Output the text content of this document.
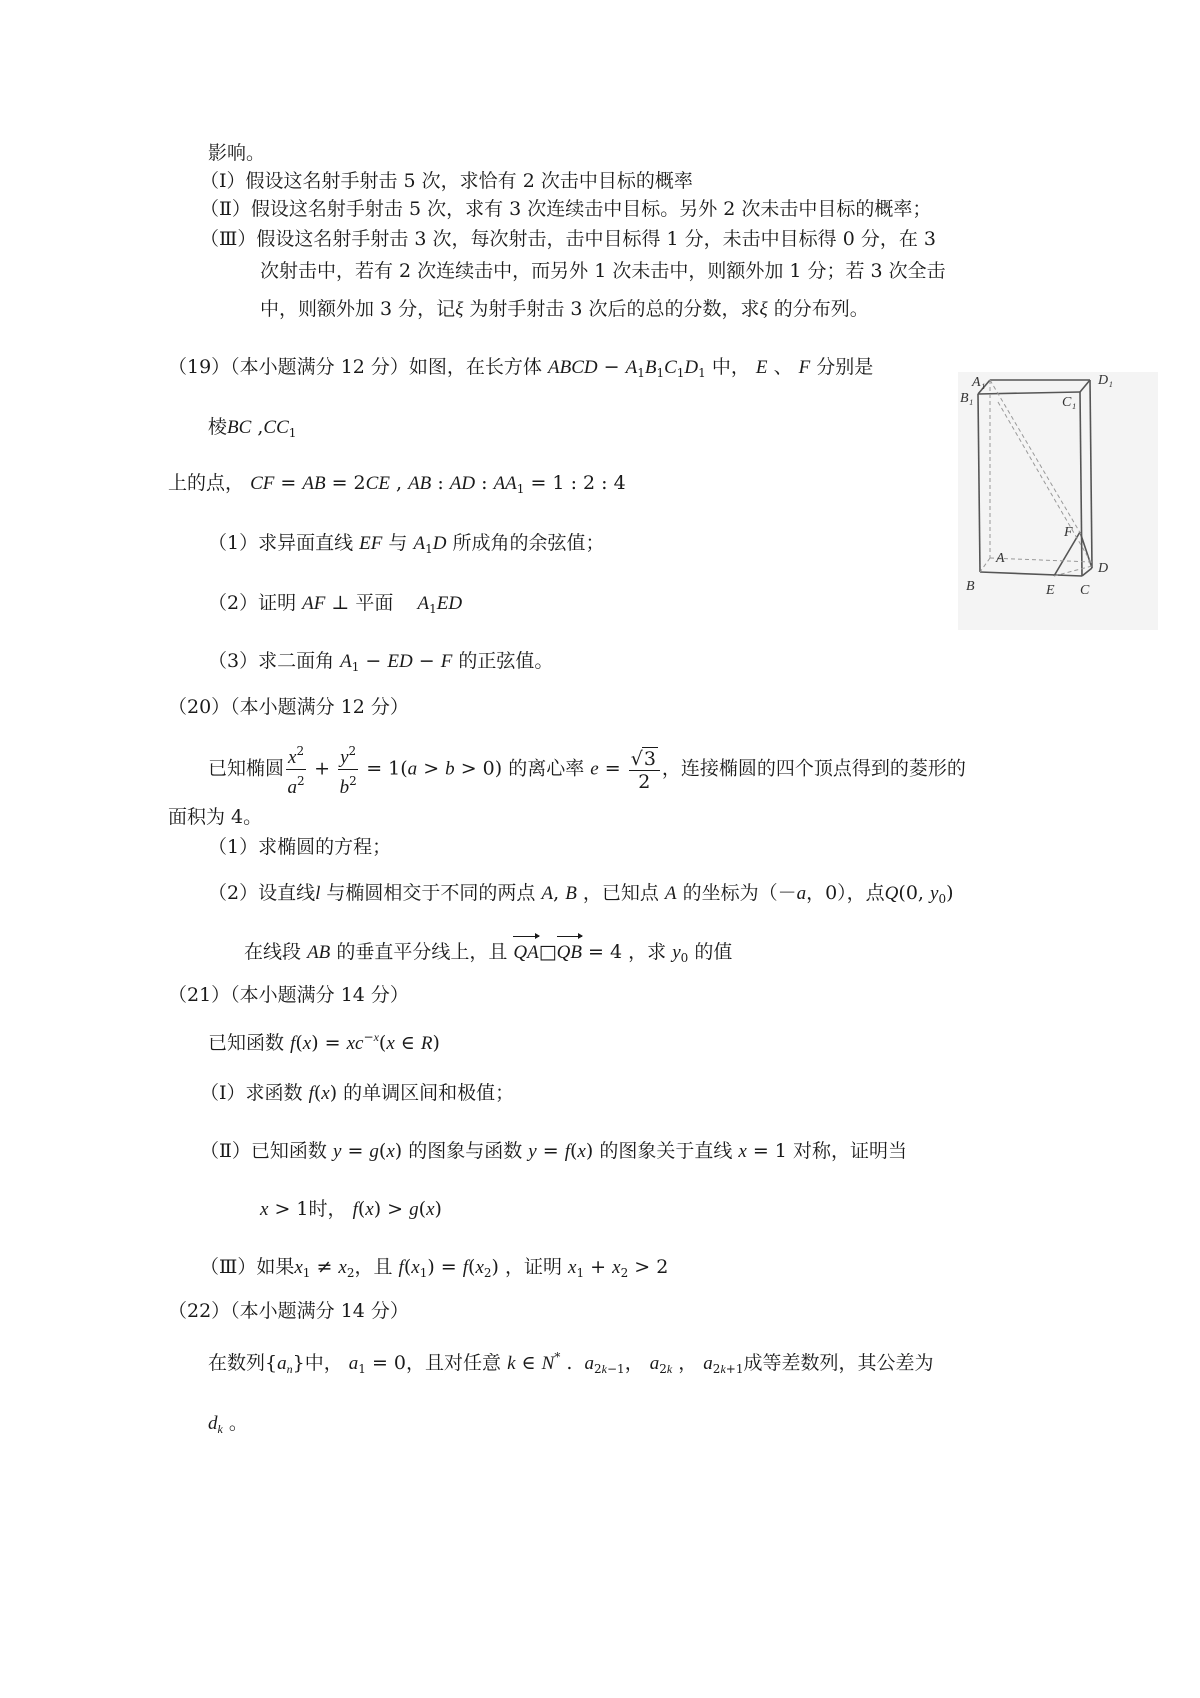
影响。
（Ⅰ）假设这名射手射击 5 次，求恰有 2 次击中目标的概率
（Ⅱ）假设这名射手射击 5 次，求有 3 次连续击中目标。另外 2 次未击中目标的概率；
（Ⅲ）假设这名射手射击 3 次，每次射击，击中目标得 1 分，未击中目标得 0 分，在 3
次射击中，若有 2 次连续击中，而另外 1 次未击中，则额外加 1 分；若 3 次全击
中，则额外加 3 分，记ξ 为射手射击 3 次后的总的分数，求ξ 的分布列。
（19）（本小题满分 12 分）如图，在长方体 ABCD − $A_1B_1C_1D_1$ 中， E 、 F 分别是
棱BC $,CC_1$
上的点， CF = AB = 2CE , AB : AD : $AA_1 = 1$ : 2 : 4
（1）求异面直线 EF 与 $A_1D$ 所成角的余弦值；
（2）证明 AF ⊥ 平面 $A_1ED$
（3）求二面角 $A_1$ − ED − F 的正弦值。
A₁	D₁
B₁	C₁
F
A
D
B	E C
（20）（本小题满分 12 分）
已知椭圆 $\frac{x^2}{a^2} + \frac{y^2}{b^2} = 1(a > b > 0)$ 的离心率 $e = \frac{√3}{2}$ ，连接椭圆的四个顶点得到的菱形的
面积为 4。
（1）求椭圆的方程；
（2）设直线l 与椭圆相交于不同的两点 A, B ，已知点 A 的坐标为（－a，0），点Q(0, $y_0$)
在线段 AB 的垂直平分线上，且 QA□QB = 4 ，求 $y_0$ 的值
（21）（本小题满分 14 分）
已知函数 $f(x) = xc^{-x}(x$ ∈ R)
（Ⅰ）求函数 f(x) 的单调区间和极值；
（Ⅱ）已知函数 y = g(x) 的图象与函数 y = f(x) 的图象关于直线 x = 1 对称，证明当
x > 1时， f(x) > g(x)
（Ⅲ）如果$x_1 \ne x_2$，且 $f(x_1) = f(x_2)$ ，证明 $x_1 + x_2 > 2$
（22）（本小题满分 14 分）
在数列$\{a_n\}$中， $a_1 = 0$，且对任意 k ∈ N* .  $a_{2k-1}$， $a_{2k}$ ， $a_{2k+1}$成等差数列，其公差为
$d_k$ 。
